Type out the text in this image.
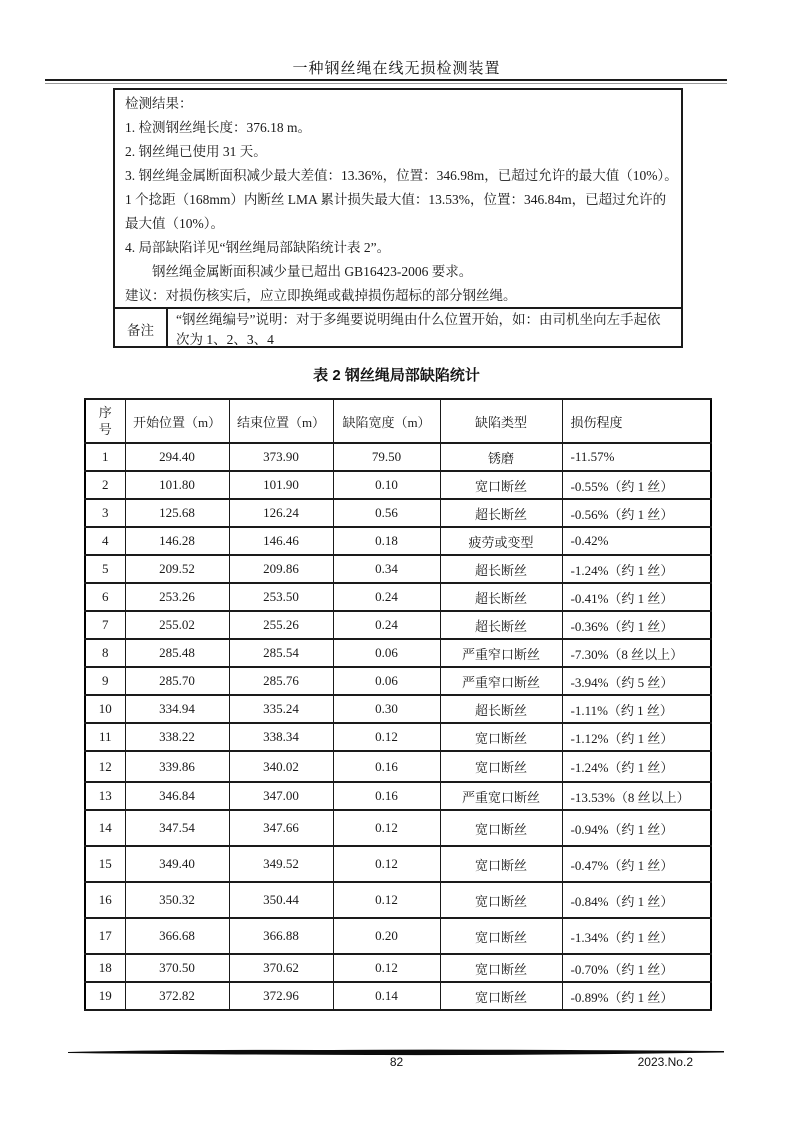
一种钢丝绳在线无损检测装置
检测结果：
1. 检测钢丝绳长度：376.18 m。
2. 钢丝绳已使用 31 天。
3. 钢丝绳金属断面积减少最大差值：13.36%，位置：346.98m，已超过允许的最大值（10%）。
1 个捻距（168mm）内断丝 LMA 累计损失最大值：13.53%，位置：346.84m，已超过允许的
最大值（10%）。
4. 局部缺陷详见“钢丝绳局部缺陷统计表 2”。
钢丝绳金属断面积减少量已超出 GB16423-2006 要求。
建议：对损伤核实后，应立即换绳或截掉损伤超标的部分钢丝绳。
备注
“钢丝绳编号”说明：对于多绳要说明绳由什么位置开始，如：由司机坐向左手起依
次为 1、2、3、4
表 2 钢丝绳局部缺陷统计
序号	开始位置（m）	结束位置（m）	缺陷宽度（m）	缺陷类型	损伤程度
1	294.40	373.90	79.50	锈磨	-11.57%
2	101.80	101.90	0.10	宽口断丝	-0.55%（约 1 丝）
3	125.68	126.24	0.56	超长断丝	-0.56%（约 1 丝）
4	146.28	146.46	0.18	疲劳或变型	-0.42%
5	209.52	209.86	0.34	超长断丝	-1.24%（约 1 丝）
6	253.26	253.50	0.24	超长断丝	-0.41%（约 1 丝）
7	255.02	255.26	0.24	超长断丝	-0.36%（约 1 丝）
8	285.48	285.54	0.06	严重窄口断丝	-7.30%（8 丝以上）
9	285.70	285.76	0.06	严重窄口断丝	-3.94%（约 5 丝）
10	334.94	335.24	0.30	超长断丝	-1.11%（约 1 丝）
11	338.22	338.34	0.12	宽口断丝	-1.12%（约 1 丝）
12	339.86	340.02	0.16	宽口断丝	-1.24%（约 1 丝）
13	346.84	347.00	0.16	严重宽口断丝	-13.53%（8 丝以上）
14	347.54	347.66	0.12	宽口断丝	-0.94%（约 1 丝）
15	349.40	349.52	0.12	宽口断丝	-0.47%（约 1 丝）
16	350.32	350.44	0.12	宽口断丝	-0.84%（约 1 丝）
17	366.68	366.88	0.20	宽口断丝	-1.34%（约 1 丝）
18	370.50	370.62	0.12	宽口断丝	-0.70%（约 1 丝）
19	372.82	372.96	0.14	宽口断丝	-0.89%（约 1 丝）
82	2023.No.2
